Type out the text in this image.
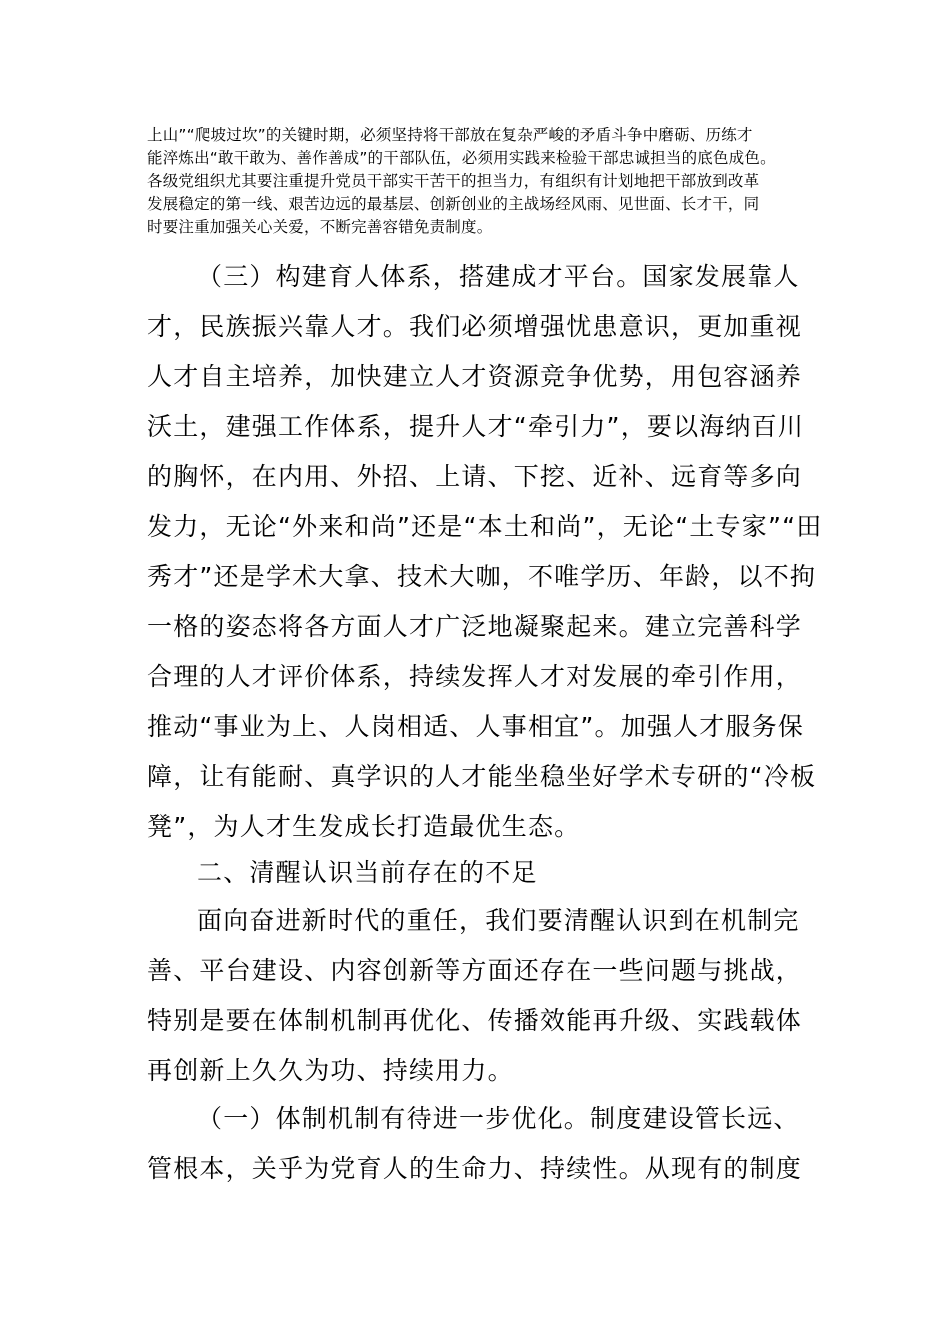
上山”“爬坡过坎”的关键时期，必须坚持将干部放在复杂严峻的矛盾斗争中磨砺、历练才
能淬炼出“敢干敢为、善作善成”的干部队伍，必须用实践来检验干部忠诚担当的底色成色。
各级党组织尤其要注重提升党员干部实干苦干的担当力，有组织有计划地把干部放到改革
发展稳定的第一线、艰苦边远的最基层、创新创业的主战场经风雨、见世面、长才干，同
时要注重加强关心关爱，不断完善容错免责制度。
（三）构建育人体系，搭建成才平台。国家发展靠人
才，民族振兴靠人才。我们必须增强忧患意识，更加重视
人才自主培养，加快建立人才资源竞争优势，用包容涵养
沃土，建强工作体系，提升人才“牵引力”，要以海纳百川
的胸怀，在内用、外招、上请、下挖、近补、远育等多向
发力，无论“外来和尚”还是“本土和尚”，无论“土专家”“田
秀才”还是学术大拿、技术大咖，不唯学历、年龄，以不拘
一格的姿态将各方面人才广泛地凝聚起来。建立完善科学
合理的人才评价体系，持续发挥人才对发展的牵引作用，
推动“事业为上、人岗相适、人事相宜”。加强人才服务保
障，让有能耐、真学识的人才能坐稳坐好学术专研的“冷板
凳”，为人才生发成长打造最优生态。
二、清醒认识当前存在的不足
面向奋进新时代的重任，我们要清醒认识到在机制完
善、平台建设、内容创新等方面还存在一些问题与挑战，
特别是要在体制机制再优化、传播效能再升级、实践载体
再创新上久久为功、持续用力。
（一）体制机制有待进一步优化。制度建设管长远、
管根本，关乎为党育人的生命力、持续性。从现有的制度
